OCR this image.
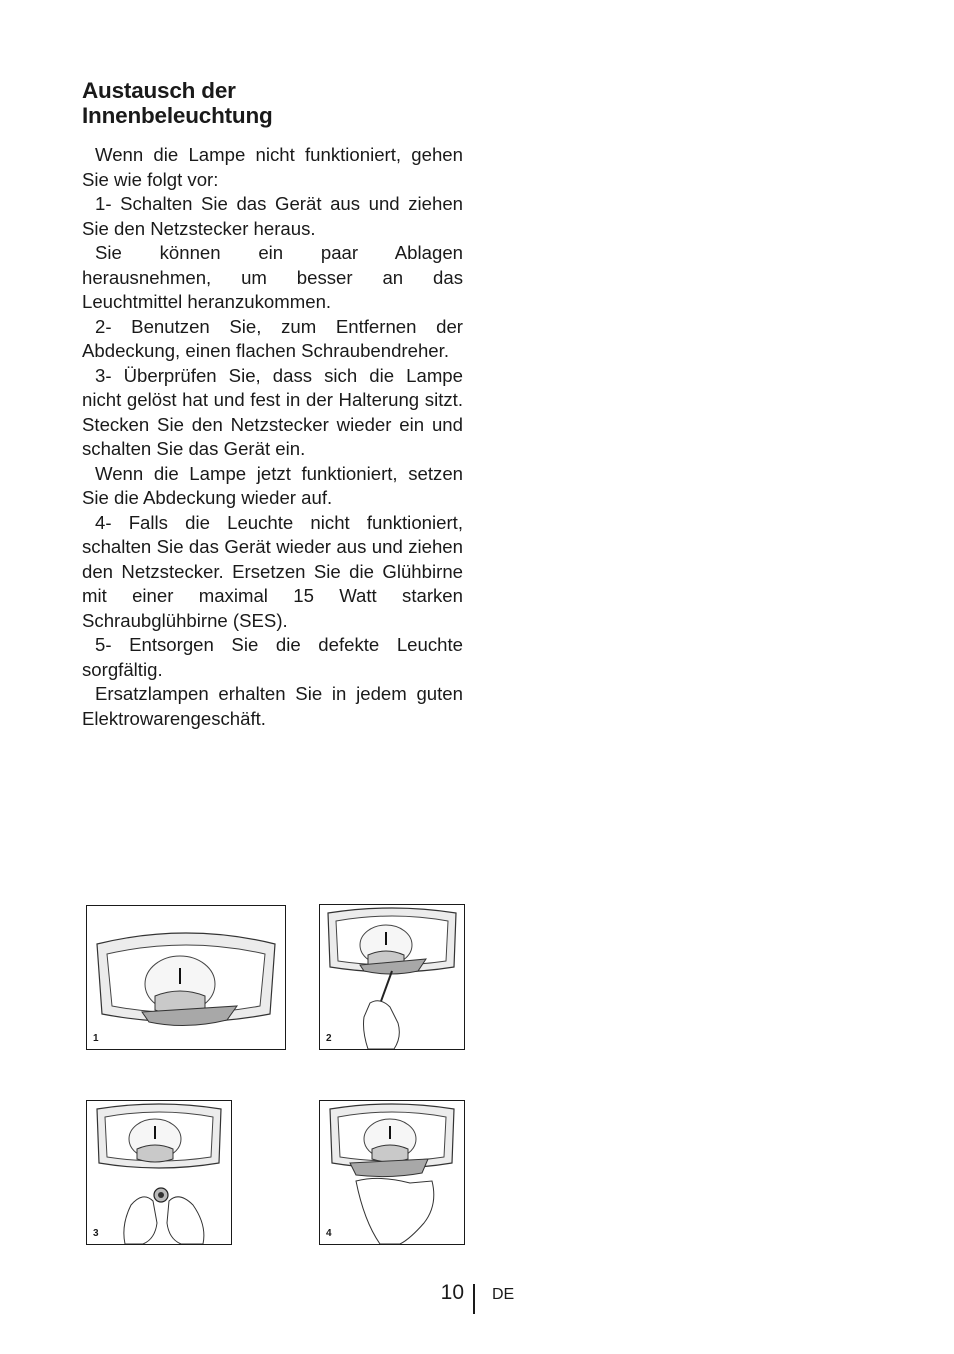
Austausch der
Innenbeleuchtung

Wenn die Lampe nicht funktioniert, gehen Sie wie folgt vor:

1- Schalten Sie das Gerät aus und ziehen Sie den Netzstecker heraus.

Sie können ein paar Ablagen herausnehmen, um besser an das Leuchtmittel heranzukommen.

2- Benutzen Sie, zum Entfernen der Abdeckung, einen flachen Schraubendreher.

3- Überprüfen Sie, dass sich die Lampe nicht gelöst hat und fest in der Halterung sitzt. Stecken Sie den Netzstecker wieder ein und schalten Sie das Gerät ein.

Wenn die Lampe jetzt funktioniert, setzen Sie die Abdeckung wieder auf.

4- Falls die Leuchte nicht funktioniert, schalten Sie das Gerät wieder aus und ziehen den Netzstecker. Ersetzen Sie die Glühbirne mit einer maximal 15 Watt starken Schraubglühbirne (SES).

5- Entsorgen Sie die defekte Leuchte sorgfältig.

Ersatzlampen erhalten Sie in jedem guten Elektrowarengeschäft.

1	2
3	4
10 DE
